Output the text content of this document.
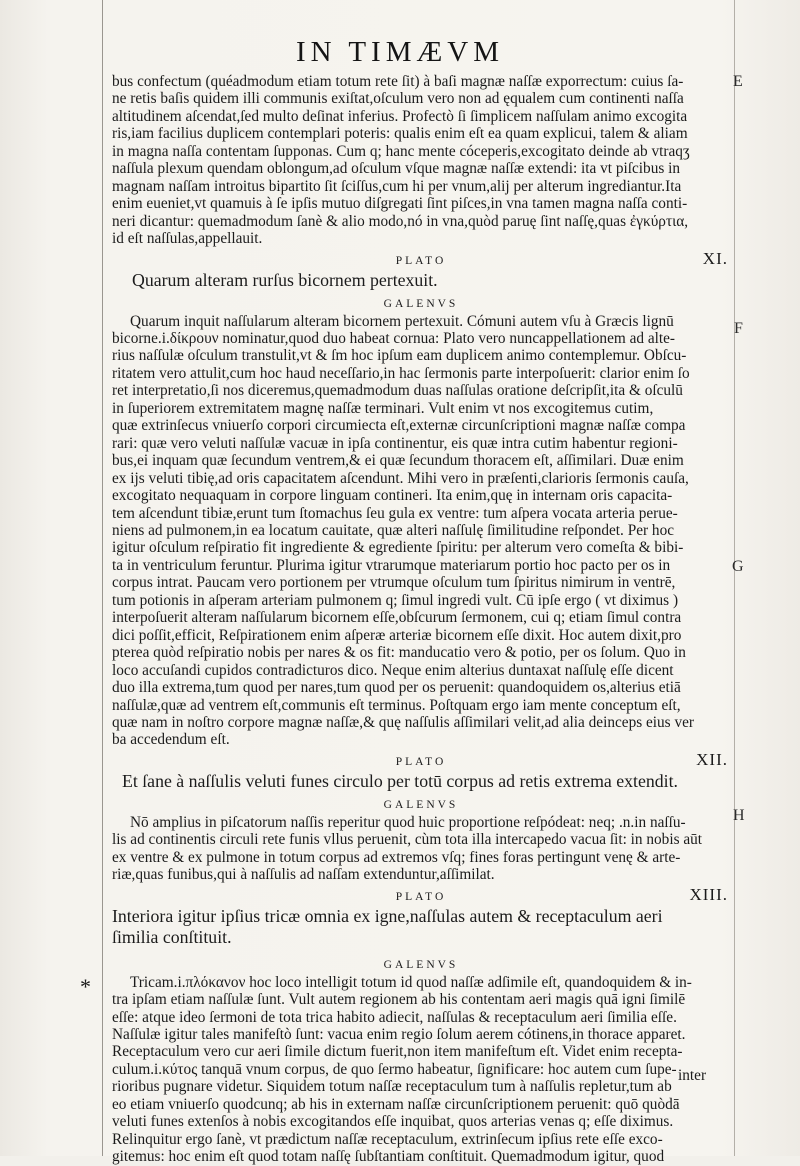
IN TIMÆVM
E
F
G
H
*

bus confectum (quéadmodum etiam totum rete ſit) à baſi magnæ naſſæ exporrectum: cuius ſa-

ne retis baſis quidem illi communis exiſtat,oſculum vero non ad ęqualem cum continenti naſſa

altitudinem aſcendat,ſed multo deſinat inferius. Profectò ſi ſimplicem naſſulam animo excogita

ris,iam facilius duplicem contemplari poteris: qualis enim eſt ea quam explicui, talem & aliam

in magna naſſa contentam ſupponas. Cum q; hanc mente cóceperis,excogitato deinde ab vtraqʒ

naſſula plexum quendam oblongum,ad oſculum vſque magnæ naſſæ extendi: ita vt piſcibus in

magnam naſſam introitus bipartito ſit ſciſſus,cum hi per vnum,alij per alterum ingrediantur.Ita

enim eueniet,vt quamuis à ſe ipſis mutuo diſgregati ſint piſces,in vna tamen magna naſſa conti-

neri dicantur: quemadmodum ſanè & alio modo,nó in vna,quòd paruę ſint naſſę,quas ἐγκύρτια,

id eſt naſſulas,appellauit.

PLATO	XI.
Quarum alteram rurſus bicornem pertexuit.
GALENVS

Quarum inquit naſſularum alteram bicornem pertexuit. Cómuni autem vſu à Græcis lignū

bicorne.i.δίκρουν nominatur,quod duo habeat cornua: Plato vero nuncappellationem ad alte-

rius naſſulæ oſculum transtulit,vt & ſm hoc ipſum eam duplicem animo contemplemur. Obſcu-

ritatem vero attulit,cum hoc haud neceſſario,in hac ſermonis parte interpoſuerit: clarior enim ſo

ret interpretatio,ſi nos diceremus,quemadmodum duas naſſulas oratione deſcripſit,ita & oſculū

in ſuperiorem extremitatem magnę naſſæ terminari. Vult enim vt nos excogitemus cutim,

quæ extrinſecus vniuerſo corpori circumiecta eſt,externæ circunſcriptioni magnæ naſſæ compa

rari: quæ vero veluti naſſulæ vacuæ in ipſa continentur, eis quæ intra cutim habentur regioni-

bus,ei inquam quæ ſecundum ventrem,& ei quæ ſecundum thoracem eſt, aſſimilari. Duæ enim

ex ijs veluti tibię,ad oris capacitatem aſcendunt. Mihi vero in præſenti,clarioris ſermonis cauſa,

excogitato nequaquam in corpore linguam contineri. Ita enim,quę in internam oris capacita-

tem aſcendunt tibiæ,erunt tum ſtomachus ſeu gula ex ventre: tum aſpera vocata arteria perue-

niens ad pulmonem,in ea locatum cauitate, quæ alteri naſſulę ſimilitudine reſpondet. Per hoc

igitur oſculum reſpiratio fit ingrediente & egrediente ſpiritu: per alterum vero comeſta & bibi-

ta in ventriculum feruntur. Plurima igitur vtrarumque materiarum portio hoc pacto per os in

corpus intrat. Paucam vero portionem per vtrumque oſculum tum ſpiritus nimirum in ventrē,

tum potionis in aſperam arteriam pulmonem q; ſimul ingredi vult. Cū ipſe ergo ( vt diximus )

interpoſuerit alteram naſſularum bicornem eſſe,obſcurum ſermonem, cui q; etiam ſimul contra

dici poſſit,efficit, Reſpirationem enim aſperæ arteriæ bicornem eſſe dixit. Hoc autem dixit,pro

pterea quòd reſpiratio nobis per nares & os fit: manducatio vero & potio, per os ſolum. Quo in

loco accuſandi cupidos contradicturos dico. Neque enim alterius duntaxat naſſulę eſſe dicent

duo illa extrema,tum quod per nares,tum quod per os peruenit: quandoquidem os,alterius etiā

naſſulæ,quæ ad ventrem eſt,communis eſt terminus. Poſtquam ergo iam mente conceptum eſt,

quæ nam in noſtro corpore magnæ naſſæ,& quę naſſulis aſſimilari velit,ad alia deinceps eius ver

ba accedendum eſt.

PLATO	XII.
Et ſane à naſſulis veluti funes circulo per totū corpus ad retis extrema extendit.
GALENVS

Nō amplius in piſcatorum naſſis reperitur quod huic proportione reſpódeat: neq; .n.in naſſu-

lis ad continentis circuli rete funis vllus peruenit, cùm tota illa intercapedo vacua ſit: in nobis aūt

ex ventre & ex pulmone in totum corpus ad extremos vſq; fines foras pertingunt venę & arte-

riæ,quas funibus,qui à naſſulis ad naſſam extenduntur,aſſimilat.

PLATO	XIII.

Interiora igitur ipſius tricæ omnia ex igne,naſſulas autem & receptaculum aeri

ſimilia conſtituit.

GALENVS

Tricam.i.πλόκανον hoc loco intelligit totum id quod naſſæ adſimile eſt, quandoquidem & in-

tra ipſam etiam naſſulæ ſunt. Vult autem regionem ab his contentam aeri magis quā igni ſimilē

eſſe: atque ideo ſermoni de tota trica habito adiecit, naſſulas & receptaculum aeri ſimilia eſſe.

Naſſulæ igitur tales manifeſtò ſunt: vacua enim regio ſolum aerem cótinens,in thorace apparet.

Receptaculum vero cur aeri ſimile dictum fuerit,non item manifeſtum eſt. Videt enim recepta-

culum.i.κύτος tanquā vnum corpus, de quo ſermo habeatur, ſignificare: hoc autem cum ſupe-

rioribus pugnare videtur. Siquidem totum naſſæ receptaculum tum à naſſulis repletur,tum ab

eo etiam vniuerſo quodcunq; ab his in externam naſſæ circunſcriptionem peruenit: quō quòdā

veluti funes extenſos à nobis excogitandos eſſe inquibat, quos arterias venas q; eſſe diximus.

Relinquitur ergo ſanè, vt prædictum naſſæ receptaculum, extrinſecum ipſius rete eſſe exco-

gitemus: hoc enim eſt quod totam naſſę ſubſtantiam conſtituit. Quemadmodum igitur, quod

inter
